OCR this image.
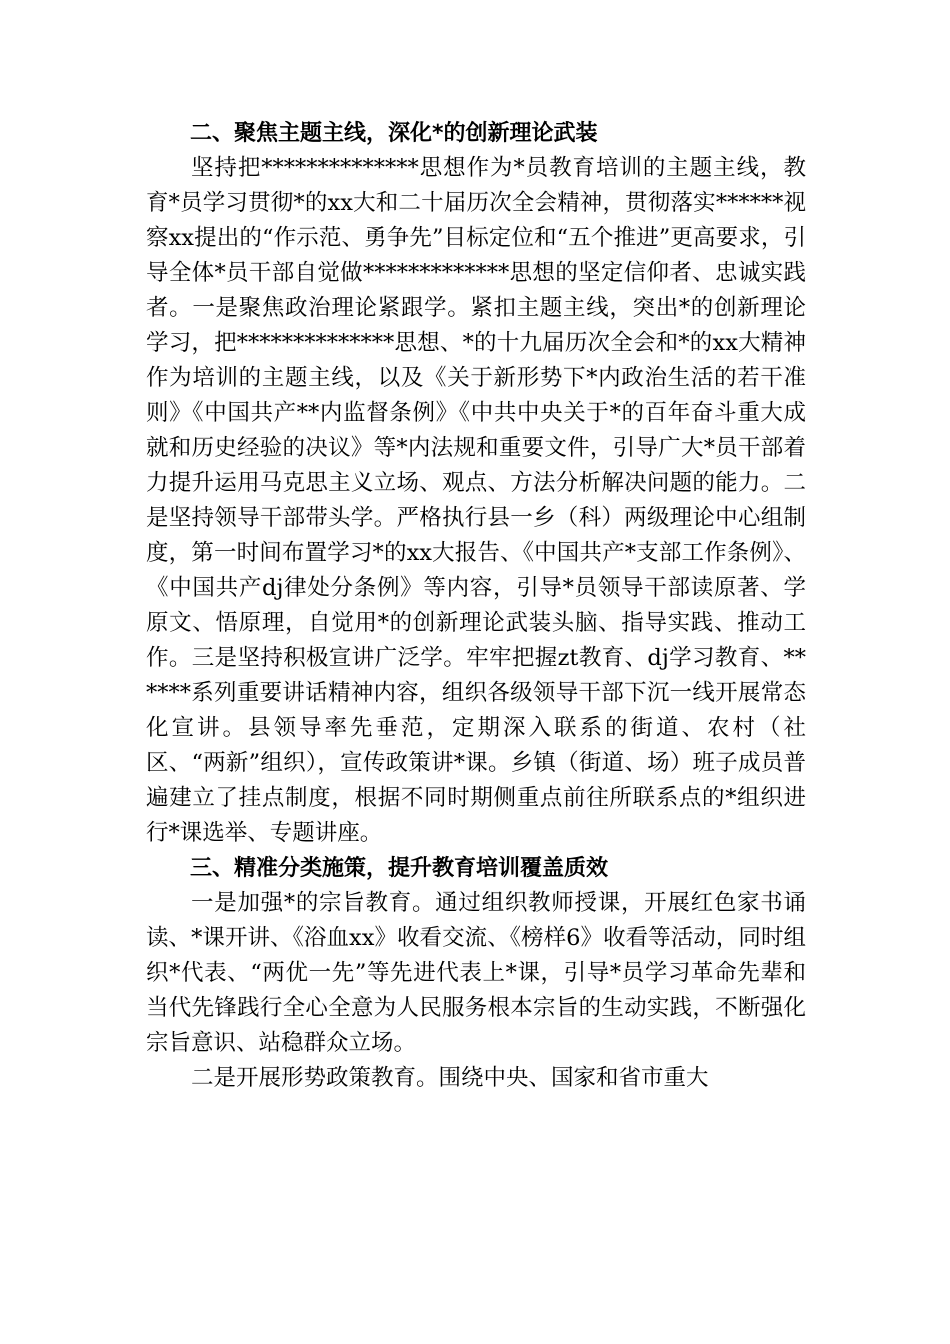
二、聚焦主题主线，深化*的创新理论武装

坚持把**************思想作为*员教育培训的主题主线，教育*员学习贯彻*的xx大和二十届历次全会精神，贯彻落实******视察xx提出的“作示范、勇争先”目标定位和“五个推进”更高要求，引导全体*员干部自觉做*************思想的坚定信仰者、忠诚实践者。一是聚焦政治理论紧跟学。紧扣主题主线，突出*的创新理论学习，把**************思想、*的十九届历次全会和*的xx大精神作为培训的主题主线，以及《关于新形势下*内政治生活的若干准则》《中国共产**内监督条例》《中共中央关于*的百年奋斗重大成就和历史经验的决议》等*内法规和重要文件，引导广大*员干部着力提升运用马克思主义立场、观点、方法分析解决问题的能力。二是坚持领导干部带头学。严格执行县一乡（科）两级理论中心组制度，第一时间布置学习*的xx大报告、《中国共产*支部工作条例》、《中国共产dj律处分条例》等内容，引导*员领导干部读原著、学原文、悟原理，自觉用*的创新理论武装头脑、指导实践、推动工作。三是坚持积极宣讲广泛学。牢牢把握zt教育、dj学习教育、******系列重要讲话精神内容，组织各级领导干部下沉一线开展常态化宣讲。县领导率先垂范，定期深入联系的街道、农村（社区、“两新”组织），宣传政策讲*课。乡镇（街道、场）班子成员普遍建立了挂点制度，根据不同时期侧重点前往所联系点的*组织进行*课选举、专题讲座。

三、精准分类施策，提升教育培训覆盖质效

一是加强*的宗旨教育。通过组织教师授课，开展红色家书诵读、*课开讲、《浴血xx》收看交流、《榜样6》收看等活动，同时组织*代表、“两优一先”等先进代表上*课，引导*员学习革命先辈和当代先锋践行全心全意为人民服务根本宗旨的生动实践，不断强化宗旨意识、站稳群众立场。

二是开展形势政策教育。围绕中央、国家和省市重大
